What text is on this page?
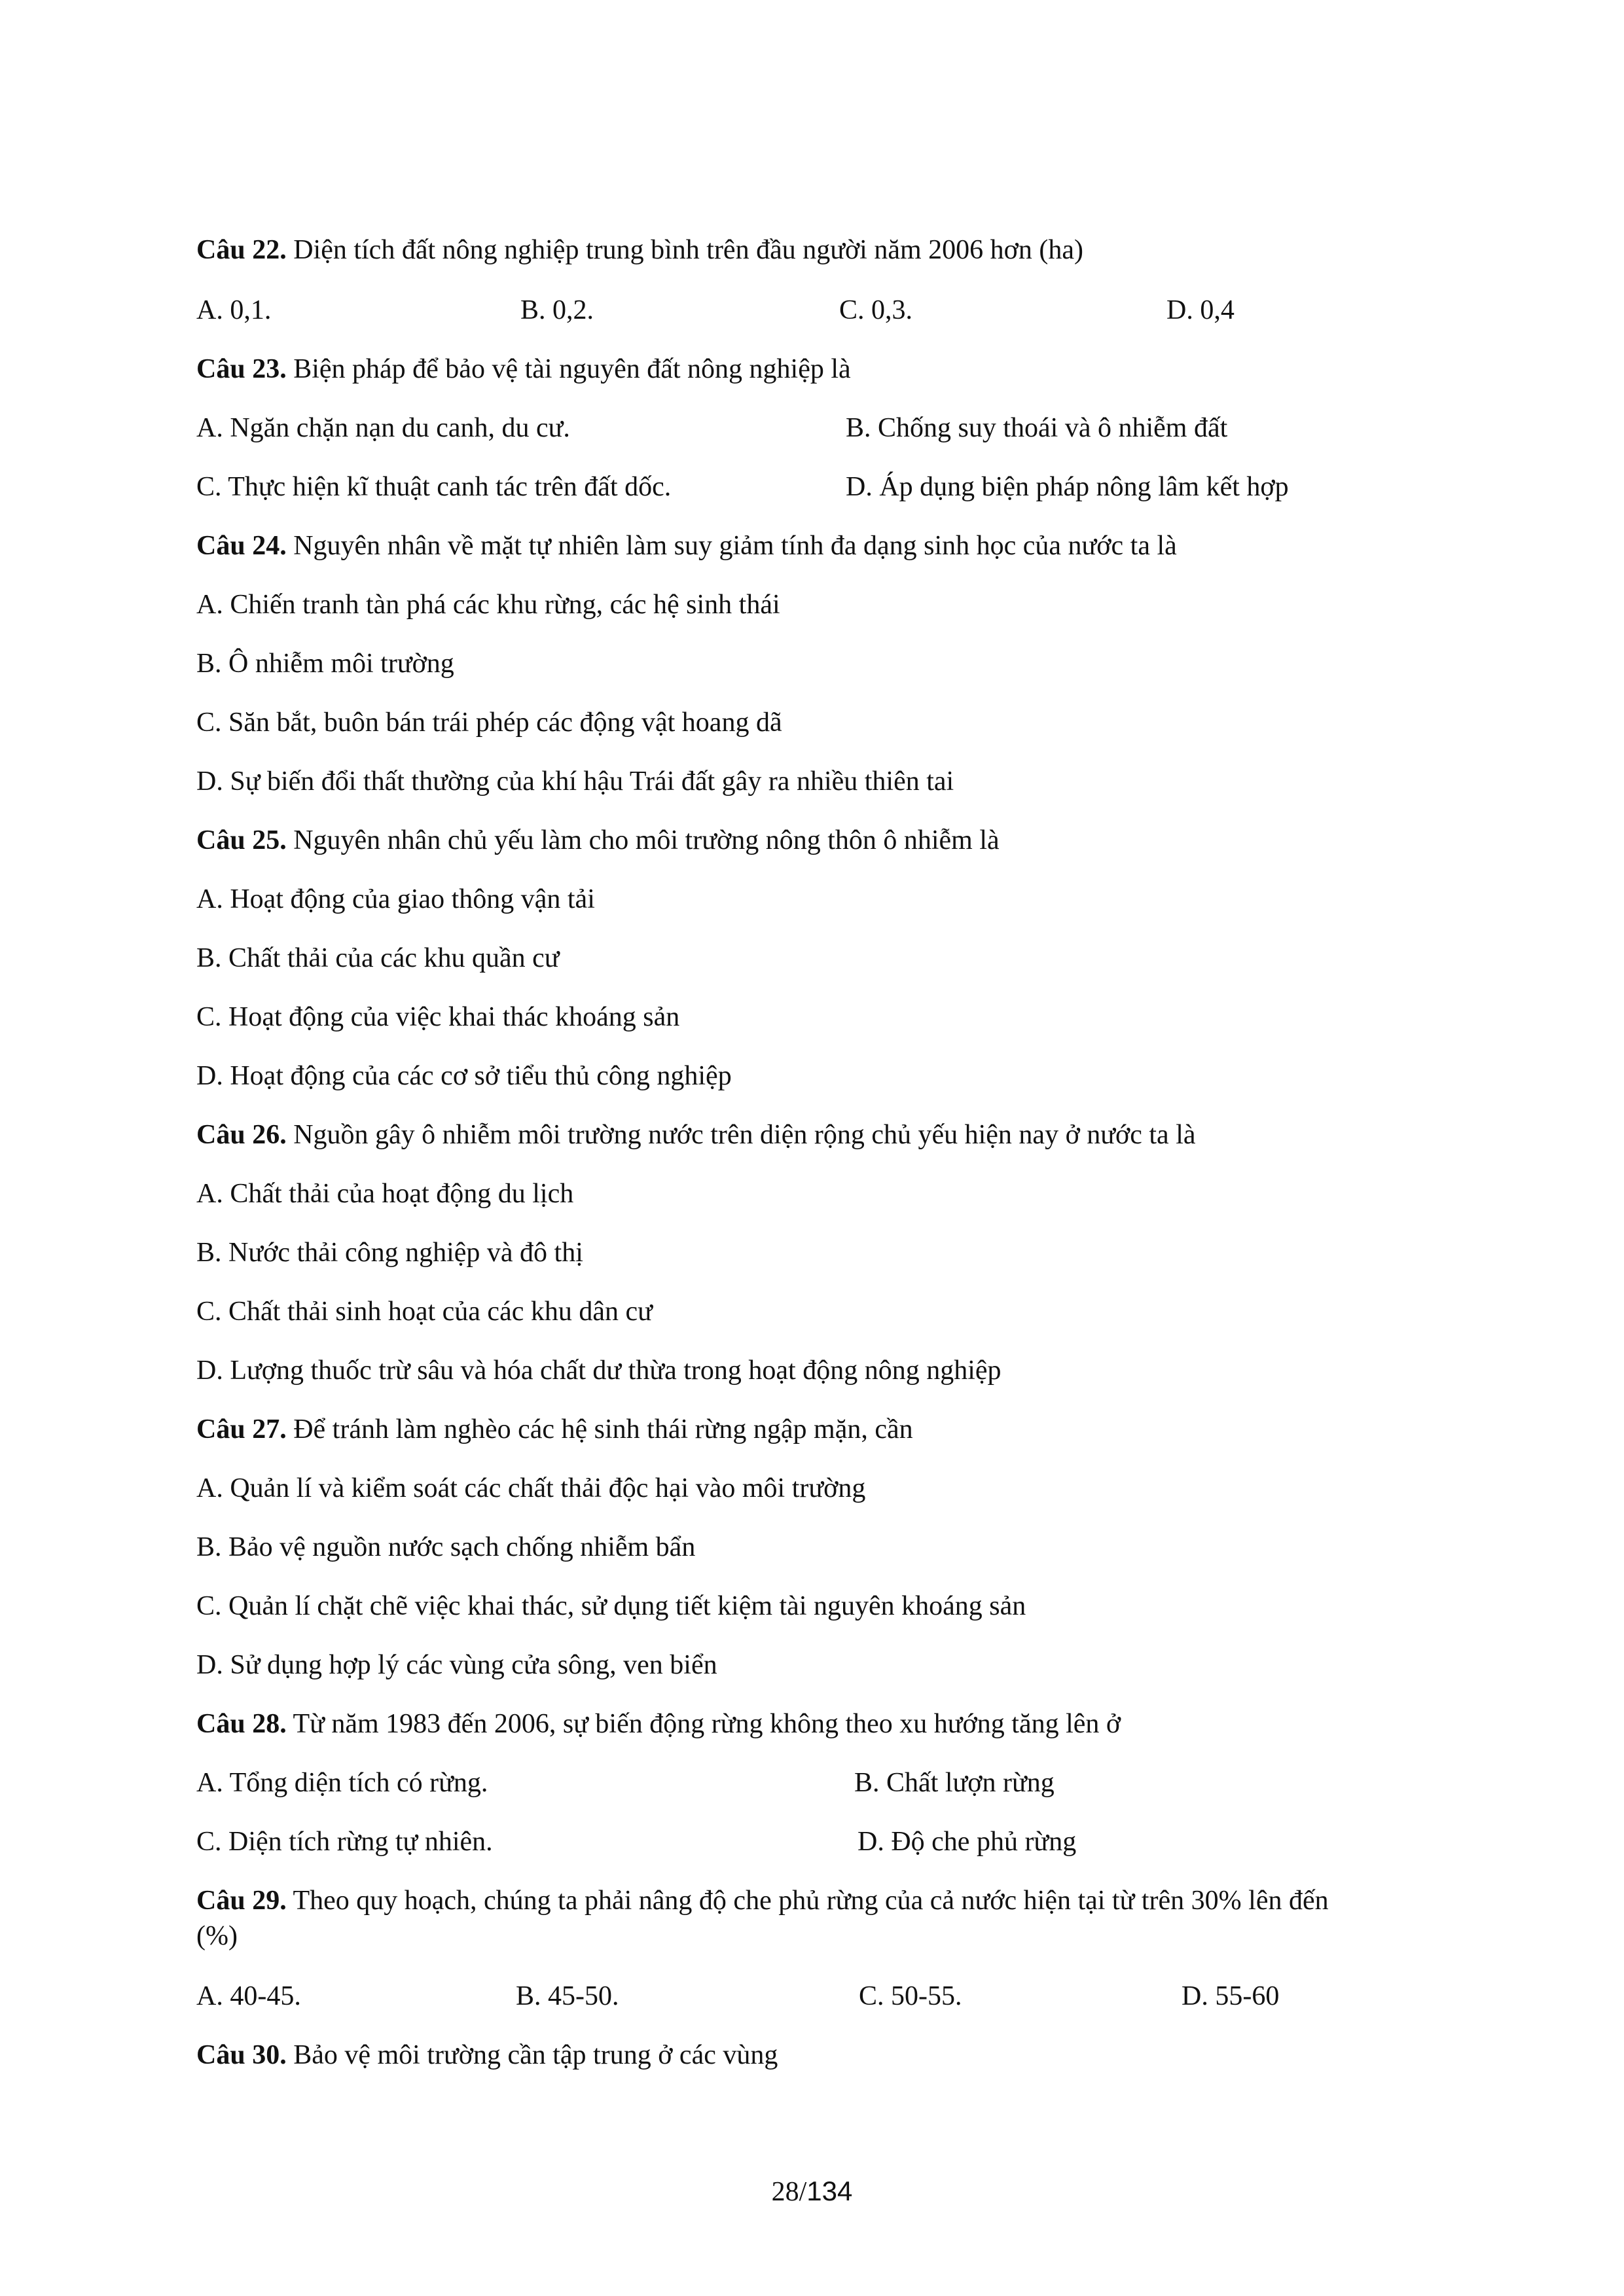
Câu 22. Diện tích đất nông nghiệp trung bình trên đầu người năm 2006 hơn (ha)
A. 0,1.	B. 0,2.	C. 0,3.	D. 0,4
Câu 23. Biện pháp để bảo vệ tài nguyên đất nông nghiệp là
A. Ngăn chặn nạn du canh, du cư.	B. Chống suy thoái và ô nhiễm đất
C. Thực hiện kĩ thuật canh tác trên đất dốc.	D. Áp dụng biện pháp nông lâm kết hợp
Câu 24. Nguyên nhân về mặt tự nhiên làm suy giảm tính đa dạng sinh học của nước ta là
A. Chiến tranh tàn phá các khu rừng, các hệ sinh thái
B. Ô nhiễm môi trường
C. Săn bắt, buôn bán trái phép các động vật hoang dã
D. Sự biến đổi thất thường của khí hậu Trái đất gây ra nhiều thiên tai
Câu 25. Nguyên nhân chủ yếu làm cho môi trường nông thôn ô nhiễm là
A. Hoạt động của giao thông vận tải
B. Chất thải của các khu quần cư
C. Hoạt động của việc khai thác khoáng sản
D. Hoạt động của các cơ sở tiểu thủ công nghiệp
Câu 26. Nguồn gây ô nhiễm môi trường nước trên diện rộng chủ yếu hiện nay ở nước ta là
A. Chất thải của hoạt động du lịch
B. Nước thải công nghiệp và đô thị
C. Chất thải sinh hoạt của các khu dân cư
D. Lượng thuốc trừ sâu và hóa chất dư thừa trong hoạt động nông nghiệp
Câu 27. Để tránh làm nghèo các hệ sinh thái rừng ngập mặn, cần
A. Quản lí và kiểm soát các chất thải độc hại vào môi trường
B. Bảo vệ nguồn nước sạch chống nhiễm bẩn
C. Quản lí chặt chẽ việc khai thác, sử dụng tiết kiệm tài nguyên khoáng sản
D. Sử dụng hợp lý các vùng cửa sông, ven biển
Câu 28. Từ năm 1983 đến 2006, sự biến động rừng không theo xu hướng tăng lên ở
A. Tổng diện tích có rừng.	B. Chất lượn rừng
C. Diện tích rừng tự nhiên.	D. Độ che phủ rừng
Câu 29. Theo quy hoạch, chúng ta phải nâng độ che phủ rừng của cả nước hiện tại từ trên 30% lên đến
(%)
A. 40-45.	B. 45-50.	C. 50-55.	D. 55-60
Câu 30. Bảo vệ môi trường cần tập trung ở các vùng
28/134
